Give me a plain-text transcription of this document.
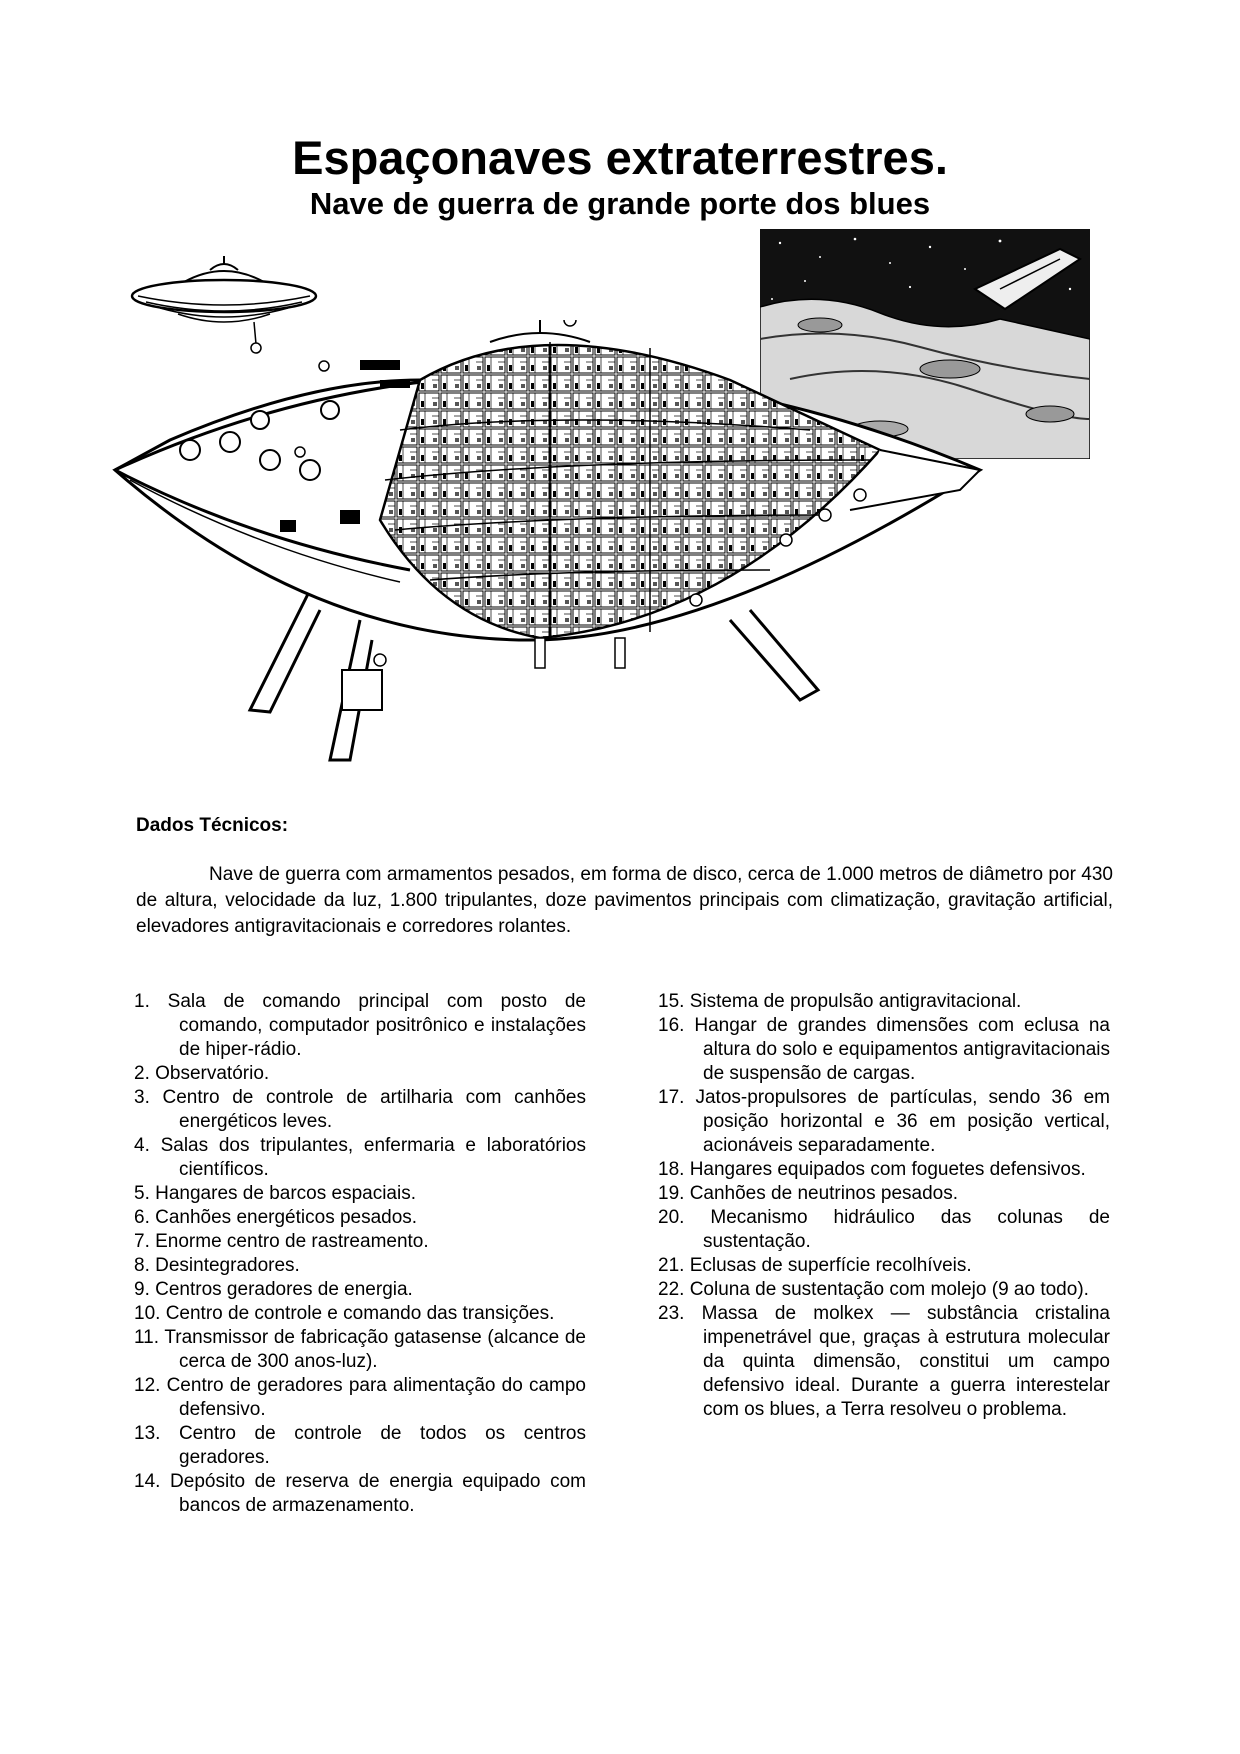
Espaçonaves extraterrestres.
Nave de guerra de grande porte dos blues
Dados Técnicos:

Nave de guerra com armamentos pesados, em forma de disco, cerca de 1.000 metros de diâmetro por 430 de altura, velocidade da luz, 1.800 tripulantes, doze pavimentos principais com climatização, gravitação artificial, elevadores antigravitacionais e corredores rolantes.

1. Sala de comando principal com posto de comando, computador positrônico e instalações de hiper-rádio.
2. Observatório.
3. Centro de controle de artilharia com canhões energéticos leves.
4. Salas dos tripulantes, enfermaria e laboratórios científicos.
5. Hangares de barcos espaciais.
6. Canhões energéticos pesados.
7. Enorme centro de rastreamento.
8. Desintegradores.
9. Centros geradores de energia.
10. Centro de controle e comando das transições.
11. Transmissor de fabricação gatasense (alcance de cerca de 300 anos-luz).
12. Centro de geradores para alimentação do campo defensivo.
13. Centro de controle de todos os centros geradores.
14. Depósito de reserva de energia equipado com bancos de armazenamento.
15. Sistema de propulsão antigravitacional.
16. Hangar de grandes dimensões com eclusa na altura do solo e equipamentos antigravitacionais de suspensão de cargas.
17. Jatos-propulsores de partículas, sendo 36 em posição horizontal e 36 em posição vertical, acionáveis separadamente.
18. Hangares equipados com foguetes defensivos.
19. Canhões de neutrinos pesados.
20. Mecanismo hidráulico das colunas de sustentação.
21. Eclusas de superfície recolhíveis.
22. Coluna de sustentação com molejo (9 ao todo).
23. Massa de molkex — substância cristalina impenetrável que, graças à estrutura molecular da quinta dimensão, constitui um campo defensivo ideal. Durante a guerra interestelar com os blues, a Terra resolveu o problema.
